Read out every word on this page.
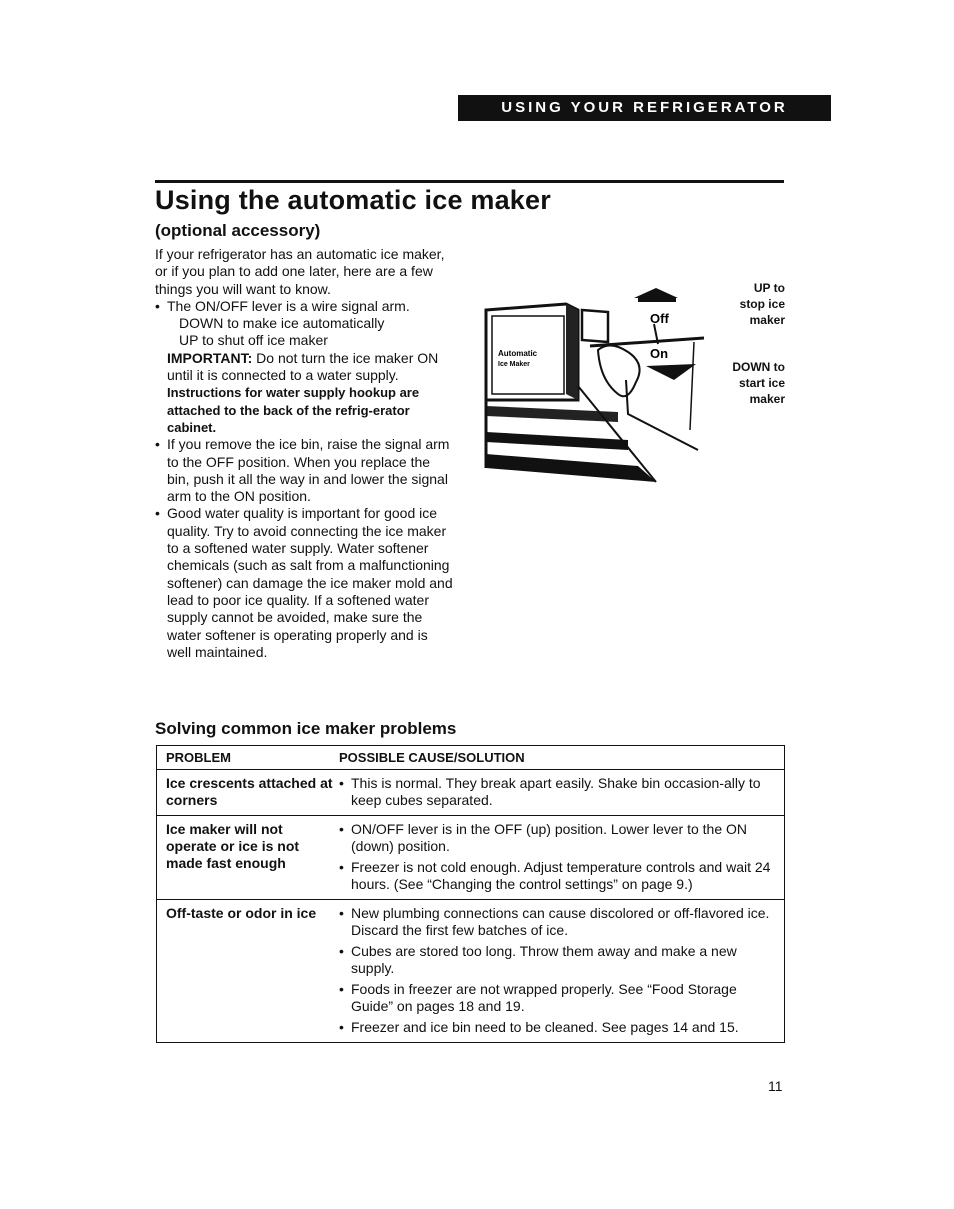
USING YOUR REFRIGERATOR
Using the automatic ice maker
(optional accessory)

If your refrigerator has an automatic ice maker, or if you plan to add one later, here are a few things you will want to know.

• The ON/OFF lever is a wire signal arm.

DOWN to make ice automatically

UP to shut off ice maker

IMPORTANT: Do not turn the ice maker ON until it is connected to a water supply.

Instructions for water supply hookup are attached to the back of the refrig-erator cabinet.

• If you remove the ice bin, raise the signal arm to the OFF position. When you replace the bin, push it all the way in and lower the signal arm to the ON position.

• Good water quality is important for good ice quality. Try to avoid connecting the ice maker to a softened water supply. Water softener chemicals (such as salt from a malfunctioning softener) can damage the ice maker mold and lead to poor ice quality. If a softened water supply cannot be avoided, make sure the water softener is operating properly and is well maintained.

Automatic
Ice Maker
Off
On
UP to
stop ice
maker
DOWN to
start ice
maker
Solving common ice maker problems
PROBLEM	POSSIBLE CAUSE/SOLUTION
Ice crescents attached at corners

• This is normal. They break apart easily. Shake bin occasion-ally to keep cubes separated.

Ice maker will not operate or ice is not made fast enough

• ON/OFF lever is in the OFF (up) position. Lower lever to the ON (down) position.

• Freezer is not cold enough. Adjust temperature controls and wait 24 hours. (See “Changing the control settings” on page 9.)

Off-taste or odor in ice

•	New plumbing connections can cause discolored or off-flavored ice. Discard the first few batches of ice.

• Cubes are stored too long. Throw them away and make a new supply.

• Foods in freezer are not wrapped properly. See “Food Storage Guide” on pages 18 and 19.

• Freezer and ice bin need to be cleaned. See pages 14 and 15.

11
